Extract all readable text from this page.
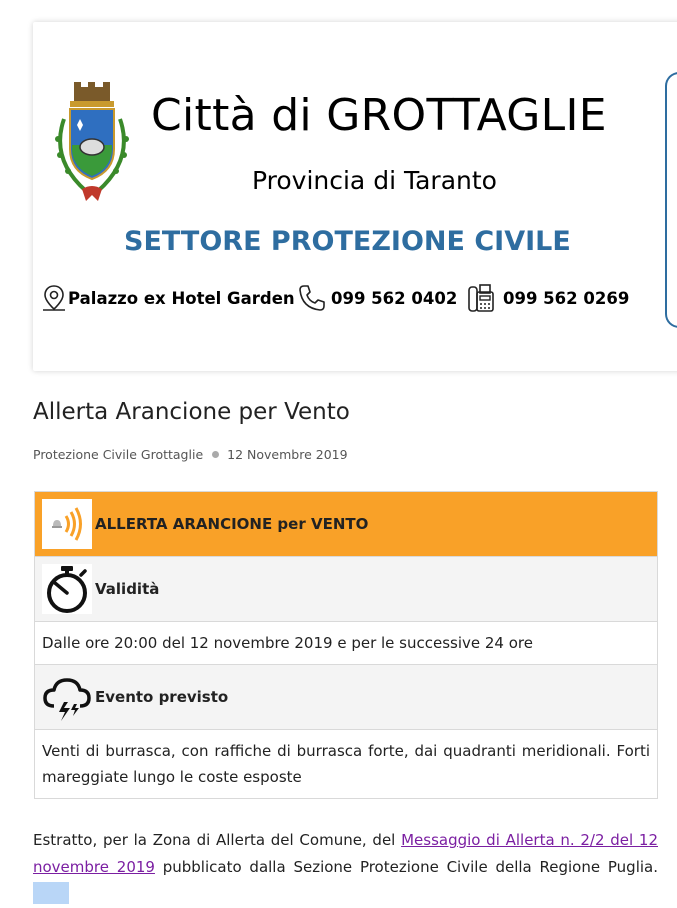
Città di GROTTAGLIE
Provincia di Taranto
SETTORE PROTEZIONE CIVILE
Palazzo ex Hotel Garden 099 562 0402	099 562 0269
Allerta Arancione per Vento
Protezione Civile Grottaglie 12 Novembre 2019
ALLERTA ARANCIONE per VENTO

Validità

Dalle ore 20:00 del 12 novembre 2019 e per le successive 24 ore

Evento previsto

Venti di burrasca, con raffiche di burrasca forte, dai quadranti meridionali. Forti mareggiate lungo le coste esposte

Estratto, per la Zona di Allerta del Comune, del Messaggio di Allerta n. 2/2 del 12 novembre 2019 pubblicato dalla Sezione Protezione Civile della Regione Puglia.
